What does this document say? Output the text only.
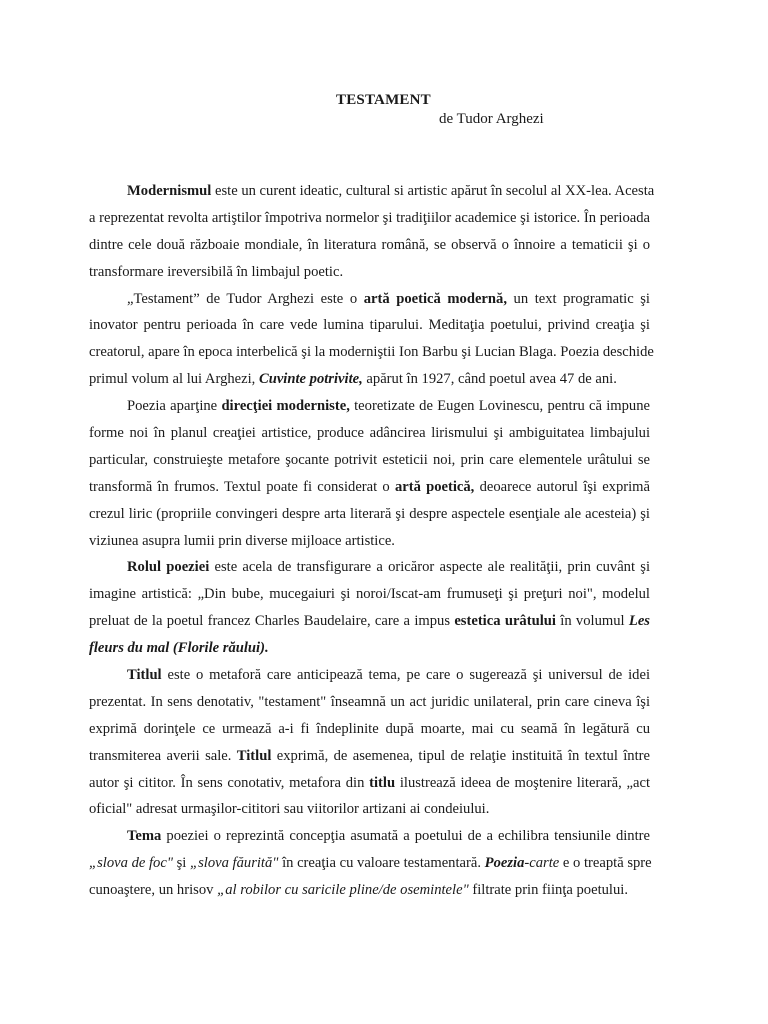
TESTAMENT
de Tudor Arghezi
Modernismul este un curent ideatic, cultural si artistic apărut în secolul al XX-lea. Acesta
a reprezentat revolta artiştilor împotriva normelor şi tradiţiilor academice şi istorice. În perioada
dintre cele două războaie mondiale, în literatura română, se observă o înnoire a tematicii şi o
transformare ireversibilă în limbajul poetic.
„Testament” de Tudor Arghezi este o artă poetică modernă, un text programatic şi
inovator pentru perioada în care vede lumina tiparului. Meditaţia poetului, privind creaţia şi
creatorul, apare în epoca interbelică şi la moderniştii Ion Barbu şi Lucian Blaga. Poezia deschide
primul volum al lui Arghezi, Cuvinte potrivite, apărut în 1927, când poetul avea 47 de ani.
Poezia aparţine direcţiei moderniste, teoretizate de Eugen Lovinescu, pentru că impune
forme noi în planul creaţiei artistice, produce adâncirea lirismului şi ambiguitatea limbajului
particular, construieşte metafore şocante potrivit esteticii noi, prin care elementele urâtului se
transformă în frumos. Textul poate fi considerat o artă poetică, deoarece autorul îşi exprimă
crezul liric (propriile convingeri despre arta literară şi despre aspectele esenţiale ale acesteia) şi
viziunea asupra lumii prin diverse mijloace artistice.
Rolul poeziei este acela de transfigurare a oricăror aspecte ale realităţii, prin cuvânt şi
imagine artistică: „Din bube, mucegaiuri şi noroi/Iscat-am frumuseţi şi preţuri noi", modelul
preluat de la poetul francez Charles Baudelaire, care a impus estetica urâtului în volumul Les
fleurs du mal (Florile răului).
Titlul este o metaforă care anticipează tema, pe care o sugerează şi universul de idei
prezentat. In sens denotativ, "testament" înseamnă un act juridic unilateral, prin care cineva îşi
exprimă dorinţele ce urmează a-i fi îndeplinite după moarte, mai cu seamă în legătură cu
transmiterea averii sale. Titlul exprimă, de asemenea, tipul de relaţie instituită în textul între
autor şi cititor. În sens conotativ, metafora din titlu ilustrează ideea de moştenire literară, „act
oficial" adresat urmaşilor-cititori sau viitorilor artizani ai condeiului.
Tema poeziei o reprezintă concepţia asumată a poetului de a echilibra tensiunile dintre
„slova de foc" şi „slova făurită" în creaţia cu valoare testamentară. Poezia-carte e o treaptă spre
cunoaştere, un hrisov „al robilor cu saricile pline/de osemintele" filtrate prin fiinţa poetului.
